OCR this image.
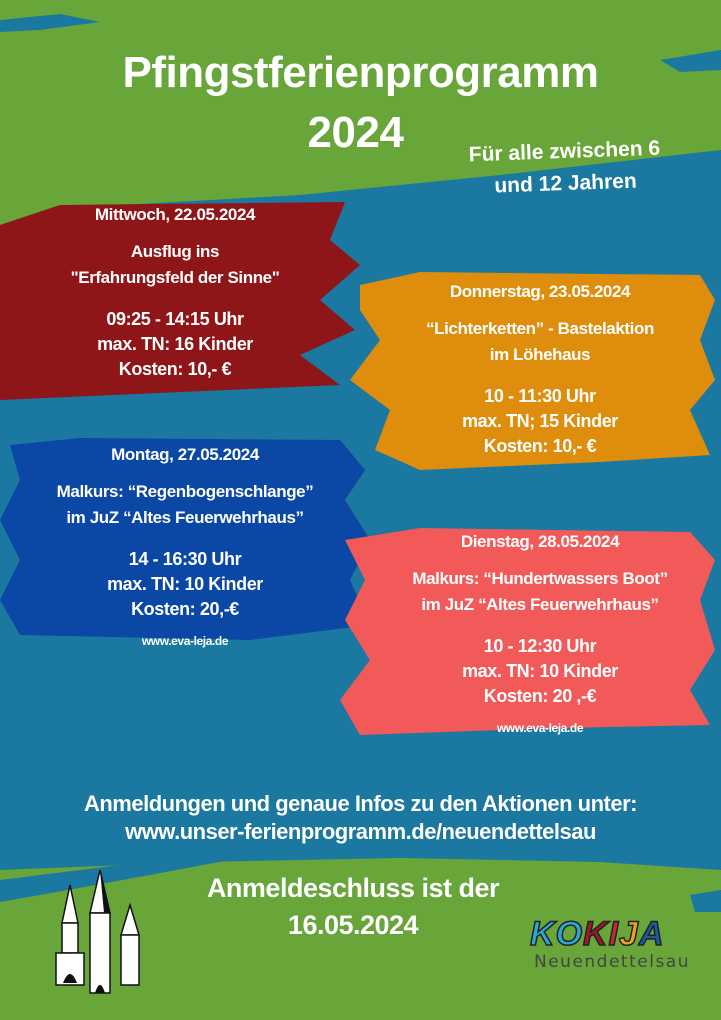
Pfingstferienprogramm
2024	Für alle zwischen 6
und 12 Jahren
Mittwoch, 22.05.2024
Ausflug ins
"Erfahrungsfeld der Sinne"
09:25 - 14:15 Uhr
max. TN: 16 Kinder
Kosten: 10,- €
Donnerstag, 23.05.2024
“Lichterketten” - Bastelaktion
im Löhehaus
10 - 11:30 Uhr
max. TN; 15 Kinder
Kosten: 10,- €
Montag, 27.05.2024
Malkurs: “Regenbogenschlange”
im JuZ “Altes Feuerwehrhaus”
14 - 16:30 Uhr
max. TN: 10 Kinder
Kosten: 20,-€
www.eva-leja.de
Dienstag, 28.05.2024
Malkurs: “Hundertwassers Boot”
im JuZ “Altes Feuerwehrhaus”
10 - 12:30 Uhr
max. TN: 10 Kinder
Kosten: 20 ,-€
www.eva-leja.de
Anmeldungen und genaue Infos zu den Aktionen unter:
www.unser-ferienprogramm.de/neuendettelsau
Anmeldeschluss ist der
16.05.2024	KOKIJA
Neuendettelsau
